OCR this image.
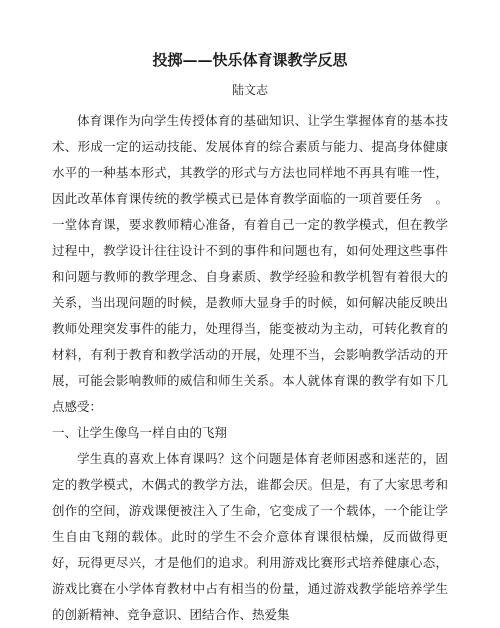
投掷——快乐体育课教学反思
陆文志

体育课作为向学生传授体育的基础知识、让学生掌握体育的基本技术、形成一定的运动技能、发展体育的综合素质与能力、提高身体健康水平的一种基本形式，其教学的形式与方法也同样地不再具有唯一性，因此改革体育课传统的教学模式已是体育教学面临的一项首要任务　。一堂体育课，要求教师精心准备，有着自己一定的教学模式，但在教学过程中，教学设计往往设计不到的事件和问题也有，如何处理这些事件和问题与教师的教学理念、自身素质、教学经验和教学机智有着很大的关系，当出现问题的时候，是教师大显身手的时候，如何解决能反映出教师处理突发事件的能力，处理得当，能变被动为主动，可转化教育的材料，有利于教育和教学活动的开展，处理不当，会影响教学活动的开展，可能会影响教师的威信和师生关系。本人就体育课的教学有如下几点感受：

一、让学生像鸟一样自由的飞翔

学生真的喜欢上体育课吗？这个问题是体育老师困惑和迷茫的，固定的教学模式，木偶式的教学方法，谁都会厌。但是，有了大家思考和创作的空间，游戏课便被注入了生命，它变成了一个载体，一个能让学生自由飞翔的载体。此时的学生不会介意体育课很枯燥，反而做得更好，玩得更尽兴，才是他们的追求。利用游戏比赛形式培养健康心态，游戏比赛在小学体育教材中占有相当的份量，通过游戏教学能培养学生的创新精神、竞争意识、团结合作、热爱集
